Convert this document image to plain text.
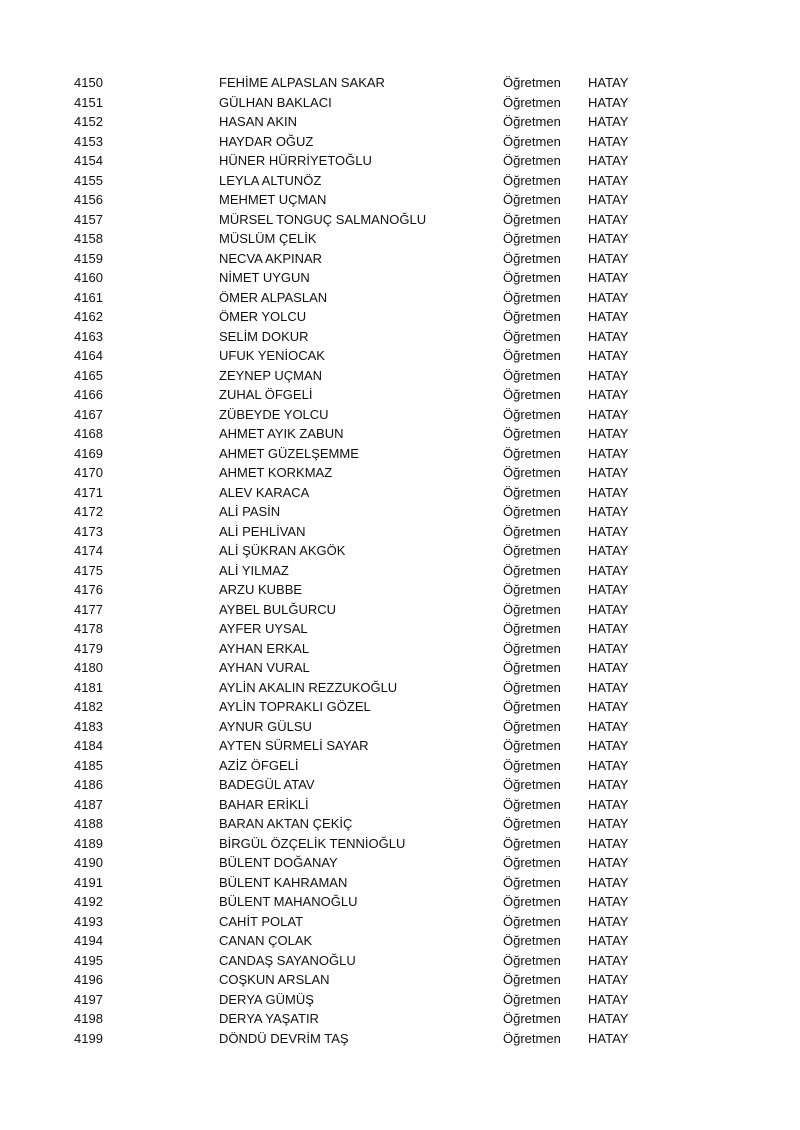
4150	FEHİME ALPASLAN SAKAR	Öğretmen HATAY
4151	GÜLHAN BAKLACI	Öğretmen HATAY
4152	HASAN AKIN	Öğretmen HATAY
4153	HAYDAR OĞUZ	Öğretmen HATAY
4154	HÜNER HÜRRİYETOĞLU	Öğretmen HATAY
4155	LEYLA ALTUNÖZ	Öğretmen HATAY
4156	MEHMET UÇMAN	Öğretmen HATAY
4157	MÜRSEL TONGUÇ SALMANOĞLU	Öğretmen HATAY
4158	MÜSLÜM ÇELİK	Öğretmen HATAY
4159	NECVA AKPINAR	Öğretmen HATAY
4160	NİMET UYGUN	Öğretmen HATAY
4161	ÖMER ALPASLAN	Öğretmen HATAY
4162	ÖMER YOLCU	Öğretmen HATAY
4163	SELİM DOKUR	Öğretmen HATAY
4164	UFUK YENİOCAK	Öğretmen HATAY
4165	ZEYNEP UÇMAN	Öğretmen HATAY
4166	ZUHAL ÖFGELİ	Öğretmen HATAY
4167	ZÜBEYDE YOLCU	Öğretmen HATAY
4168	AHMET AYIK ZABUN	Öğretmen HATAY
4169	AHMET GÜZELŞEMME	Öğretmen HATAY
4170	AHMET KORKMAZ	Öğretmen HATAY
4171	ALEV KARACA	Öğretmen HATAY
4172	ALİ PASİN	Öğretmen HATAY
4173	ALİ PEHLİVAN	Öğretmen HATAY
4174	ALİ ŞÜKRAN AKGÖK	Öğretmen HATAY
4175	ALİ YILMAZ	Öğretmen HATAY
4176	ARZU KUBBE	Öğretmen HATAY
4177	AYBEL BULĞURCU	Öğretmen HATAY
4178	AYFER UYSAL	Öğretmen HATAY
4179	AYHAN ERKAL	Öğretmen HATAY
4180	AYHAN VURAL	Öğretmen HATAY
4181	AYLİN AKALIN REZZUKOĞLU	Öğretmen HATAY
4182	AYLİN TOPRAKLI GÖZEL	Öğretmen HATAY
4183	AYNUR GÜLSU	Öğretmen HATAY
4184	AYTEN SÜRMELİ SAYAR	Öğretmen HATAY
4185	AZİZ ÖFGELİ	Öğretmen HATAY
4186	BADEGÜL ATAV	Öğretmen HATAY
4187	BAHAR ERİKLİ	Öğretmen HATAY
4188	BARAN AKTAN ÇEKİÇ	Öğretmen HATAY
4189	BİRGÜL ÖZÇELİK TENNİOĞLU	Öğretmen HATAY
4190	BÜLENT DOĞANAY	Öğretmen HATAY
4191	BÜLENT KAHRAMAN	Öğretmen HATAY
4192	BÜLENT MAHANOĞLU	Öğretmen HATAY
4193	CAHİT POLAT	Öğretmen HATAY
4194	CANAN ÇOLAK	Öğretmen HATAY
4195	CANDAŞ SAYANOĞLU	Öğretmen HATAY
4196	COŞKUN ARSLAN	Öğretmen HATAY
4197	DERYA GÜMÜŞ	Öğretmen HATAY
4198	DERYA YAŞATIR	Öğretmen HATAY
4199	DÖNDÜ DEVRİM TAŞ	Öğretmen HATAY
